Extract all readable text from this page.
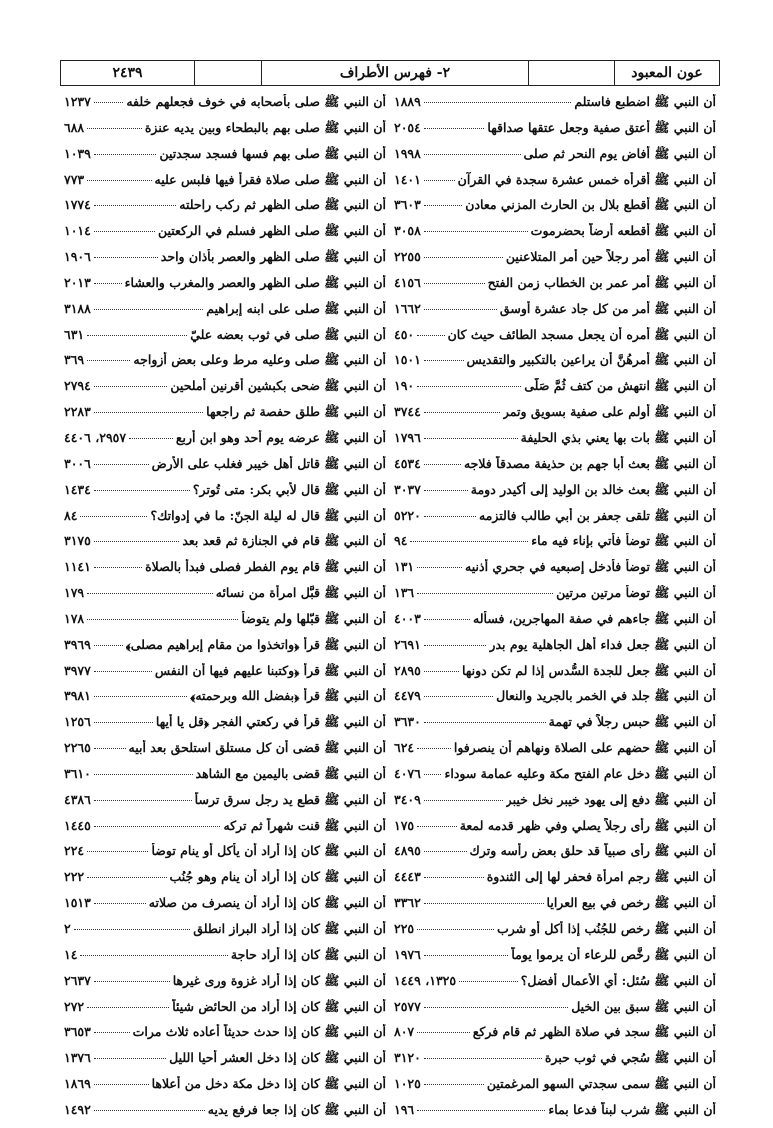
٢٤٣٩	٢- فهرس الأطراف	عون المعبود
أن النبي ﷺ اضطبع فاستلم
١٨٨٩
أن النبي ﷺ أعتق صفية وجعل عتقها صداقها
٢٠٥٤
أن النبي ﷺ أفاض يوم النحر ثم صلى
١٩٩٨
أن النبي ﷺ أقرأه خمس عشرة سجدة في القرآن
١٤٠١
أن النبي ﷺ أقطع بلال بن الحارث المزني معادن
٣٦٠٣
أن النبي ﷺ أقطعه أرضاً بحضرموت
٣٠٥٨
أن النبي ﷺ أمر رجلاً حين أمر المتلاعنين
٢٢٥٥
أن النبي ﷺ أمر عمر بن الخطاب زمن الفتح
٤١٥٦
أن النبي ﷺ أمر من كل جاد عشرة أوسق
١٦٦٢
أن النبي ﷺ أمره أن يجعل مسجد الطائف حيث كان
٤٥٠
أن النبي ﷺ أمرهُنَّ أن يراعين بالتكبير والتقديس
١٥٠١
أن النبي ﷺ انتهش من كتف ثُمَّ صَلَّى
١٩٠
أن النبي ﷺ أولم على صفية بسويق وتمر
٣٧٤٤
أن النبي ﷺ بات بها يعني بذي الحليفة
١٧٩٦
أن النبي ﷺ بعث أبا جهم بن حذيفة مصدقاً فلاجه
٤٥٣٤
أن النبي ﷺ بعث خالد بن الوليد إلى أكيدر دومة
٣٠٣٧
أن النبي ﷺ تلقى جعفر بن أبي طالب فالتزمه
٥٢٢٠
أن النبي ﷺ توضأ فأتي بإناء فيه ماء
٩٤
أن النبي ﷺ توضأ فأدخل إصبعيه في جحري أذنيه
١٣١
أن النبي ﷺ توضأ مرتين مرتين
١٣٦
أن النبي ﷺ جاءهم في صفة المهاجرين، فسأله
٤٠٠٣
أن النبي ﷺ جعل فداء أهل الجاهلية يوم بدر
٢٦٩١
أن النبي ﷺ جعل للجدة السُّدس إذا لم تكن دونها
٢٨٩٥
أن النبي ﷺ جلد في الخمر بالجريد والنعال
٤٤٧٩
أن النبي ﷺ حبس رجلاً في تهمة
٣٦٣٠
أن النبي ﷺ حضهم على الصلاة ونهاهم أن ينصرفوا
٦٢٤
أن النبي ﷺ دخل عام الفتح مكة وعليه عمامة سوداء
٤٠٧٦
أن النبي ﷺ دفع إلى يهود خيبر نخل خيبر
٣٤٠٩
أن النبي ﷺ رأى رجلاً يصلي وفي ظهر قدمه لمعة
١٧٥
أن النبي ﷺ رأى صبياً قد حلق بعض رأسه وترك
٤٨٩٥
أن النبي ﷺ رجم امرأة فحفر لها إلى الثندوة
٤٤٤٣
أن النبي ﷺ رخص في بيع العرايا
٣٣٦٢
أن النبي ﷺ رخص للجُنُب إذا أكل أو شرب
٢٢٥
أن النبي ﷺ رخَّص للرعاء أن يرموا يوماً
١٩٧٦
أن النبي ﷺ سُئل: أي الأعمال أفضل؟
١٣٢٥، ١٤٤٩
أن النبي ﷺ سبق بين الخيل
٢٥٧٧
أن النبي ﷺ سجد في صلاة الظهر ثم قام فركع
٨٠٧
أن النبي ﷺ سُجي في ثوب حبرة
٣١٢٠
أن النبي ﷺ سمى سجدتي السهو المرغمتين
١٠٢٥
أن النبي ﷺ شرب لبناً فدعا بماء
١٩٦
أن النبي ﷺ صلى بأصحابه في خوف فجعلهم خلفه
١٢٣٧
أن النبي ﷺ صلى بهم بالبطحاء وبين يديه عنزة
٦٨٨
أن النبي ﷺ صلى بهم فسها فسجد سجدتين
١٠٣٩
أن النبي ﷺ صلى صلاة فقرأ فيها فلبس عليه
٧٧٣
أن النبي ﷺ صلى الظهر ثم ركب راحلته
١٧٧٤
أن النبي ﷺ صلى الظهر فسلم في الركعتين
١٠١٤
أن النبي ﷺ صلى الظهر والعصر بأذان واحد
١٩٠٦
أن النبي ﷺ صلى الظهر والعصر والمغرب والعشاء
٢٠١٣
أن النبي ﷺ صلى على ابنه إبراهيم
٣١٨٨
أن النبي ﷺ صلى في ثوب بعضه عليّ
٦٣١
أن النبي ﷺ صلى وعليه مرط وعلى بعض أزواجه
٣٦٩
أن النبي ﷺ ضحى بكبشين أقرنين أملحين
٢٧٩٤
أن النبي ﷺ طلق حفصة ثم راجعها
٢٢٨٣
أن النبي ﷺ عرضه يوم أحد وهو ابن أربع
٢٩٥٧، ٤٤٠٦
أن النبي ﷺ قاتل أهل خيبر فغلب على الأرض
٣٠٠٦
أن النبي ﷺ قال لأبي بكر: متى تُوتر؟
١٤٣٤
أن النبي ﷺ قال له ليلة الجنّ: ما في إدواتك؟
٨٤
أن النبي ﷺ قام في الجنازة ثم قعد بعد
٣١٧٥
أن النبي ﷺ قام يوم الفطر فصلى فبدأ بالصلاة
١١٤١
أن النبي ﷺ قبَّل امرأة من نسائه
١٧٩
أن النبي ﷺ قبّلها ولم يتوضأ
١٧٨
أن النبي ﷺ قرأ ﴿واتخذوا من مقام إبراهيم مصلى﴾
٣٩٦٩
أن النبي ﷺ قرأ ﴿وكتبنا عليهم فيها أن النفس
٣٩٧٧
أن النبي ﷺ قرأ ﴿بفضل الله وبرحمته﴾
٣٩٨١
أن النبي ﷺ قرأ في ركعتي الفجر ﴿قل يا أيها
١٢٥٦
أن النبي ﷺ قضى أن كل مستلق استلحق بعد أبيه
٢٢٦٥
أن النبي ﷺ قضى باليمين مع الشاهد
٣٦١٠
أن النبي ﷺ قطع يد رجل سرق ترساً
٤٣٨٦
أن النبي ﷺ قنت شهراً ثم تركه
١٤٤٥
أن النبي ﷺ كان إذا أراد أن يأكل أو ينام توضأ
٢٢٤
أن النبي ﷺ كان إذا أراد أن ينام وهو جُنُب
٢٢٢
أن النبي ﷺ كان إذا أراد أن ينصرف من صلاته
١٥١٣
أن النبي ﷺ كان إذا أراد البراز انطلق
٢
أن النبي ﷺ كان إذا أراد حاجة
١٤
أن النبي ﷺ كان إذا أراد غزوة ورى غيرها
٢٦٣٧
أن النبي ﷺ كان إذا أراد من الحائض شيئاً
٢٧٢
أن النبي ﷺ كان إذا حدث حديثاً أعاده ثلاث مرات
٣٦٥٣
أن النبي ﷺ كان إذا دخل العشر أحيا الليل
١٣٧٦
أن النبي ﷺ كان إذا دخل مكة دخل من أعلاها
١٨٦٩
أن النبي ﷺ كان إذا جعا فرفع يديه
١٤٩٢
